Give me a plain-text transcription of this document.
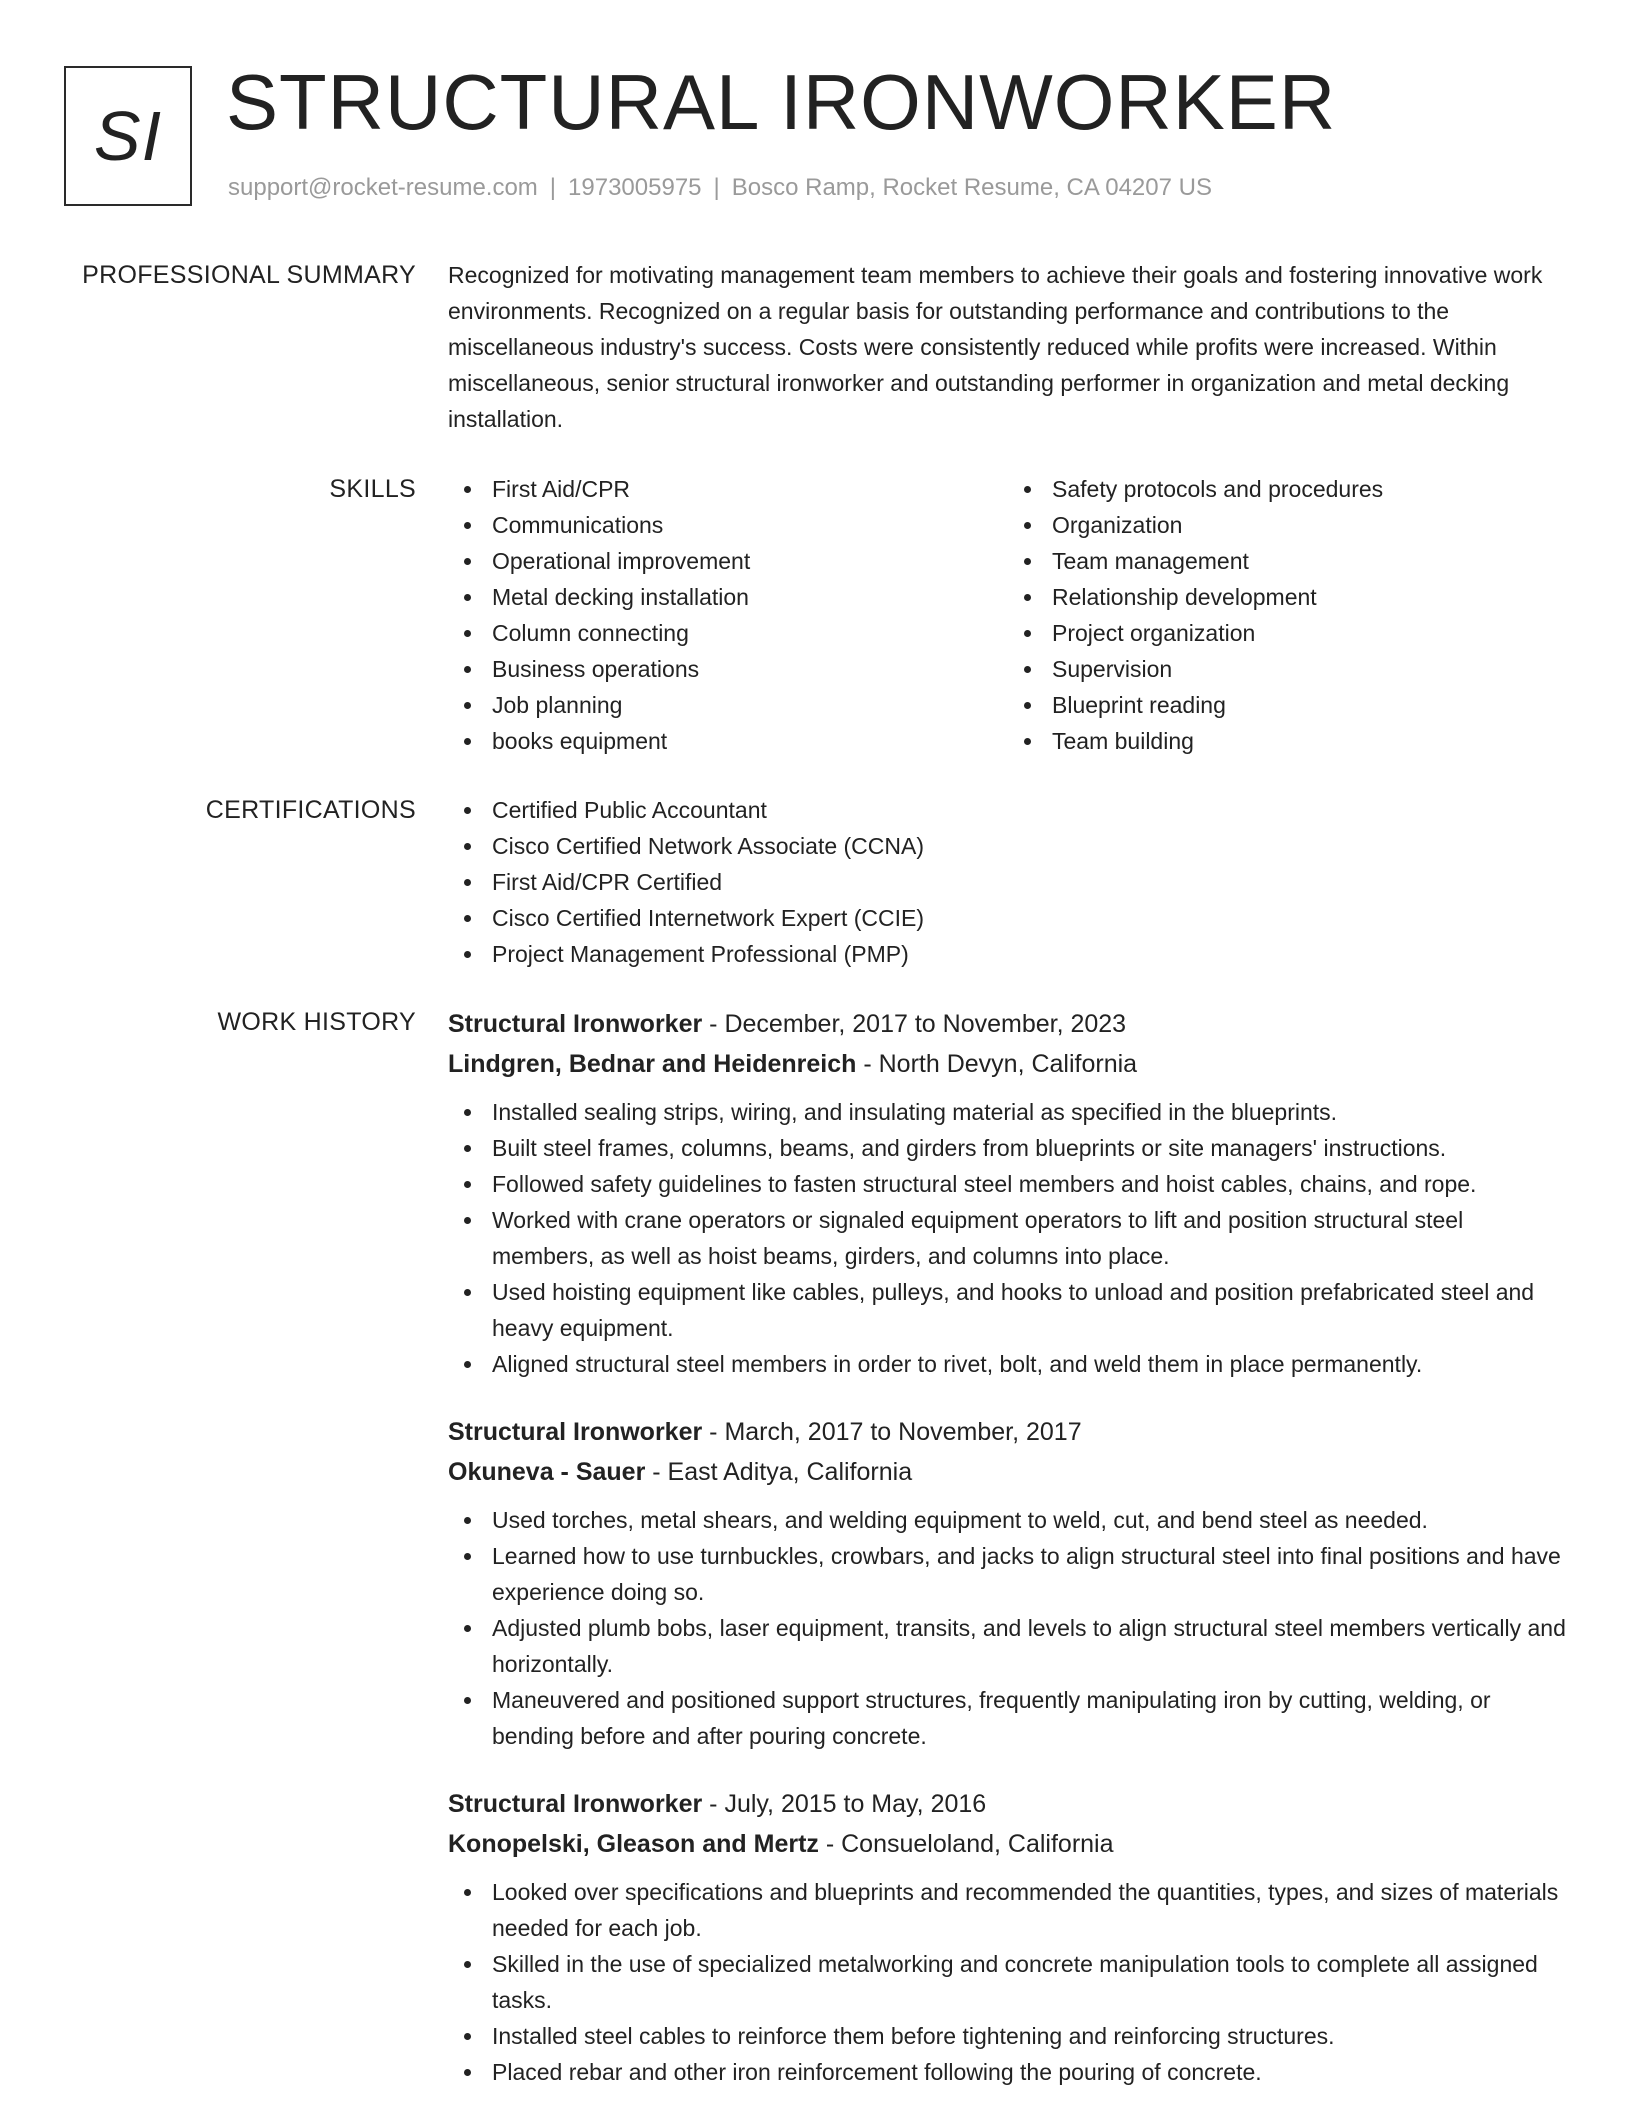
SI STRUCTURAL IRONWORKER
support@rocket-resume.com | 1973005975 | Bosco Ramp, Rocket Resume, CA 04207 US
PROFESSIONAL SUMMARY Recognized for motivating management team members to achieve their goals and fostering innovative work environments. Recognized on a regular basis for outstanding performance and contributions to the miscellaneous industry's success. Costs were consistently reduced while profits were increased. Within miscellaneous, senior structural ironworker and outstanding performer in organization and metal decking installation.

SKILLS	First Aid/CPR
Communications
Operational improvement
Metal decking installation
Column connecting
Business operations
Job planning
books equipment
Safety protocols and procedures
Organization
Team management
Relationship development
Project organization
Supervision
Blueprint reading
Team building
CERTIFICATIONS	Certified Public Accountant
Cisco Certified Network Associate (CCNA)
First Aid/CPR Certified
Cisco Certified Internetwork Expert (CCIE)
Project Management Professional (PMP)
WORK HISTORY Structural Ironworker - December, 2017 to November, 2023
Lindgren, Bednar and Heidenreich - North Devyn, California
Installed sealing strips, wiring, and insulating material as specified in the blueprints.
Built steel frames, columns, beams, and girders from blueprints or site managers' instructions.
Followed safety guidelines to fasten structural steel members and hoist cables, chains, and rope.
Worked with crane operators or signaled equipment operators to lift and position structural steel members, as well as hoist beams, girders, and columns into place.
Used hoisting equipment like cables, pulleys, and hooks to unload and position prefabricated steel and heavy equipment.
Aligned structural steel members in order to rivet, bolt, and weld them in place permanently.
Structural Ironworker - March, 2017 to November, 2017
Okuneva - Sauer - East Aditya, California
Used torches, metal shears, and welding equipment to weld, cut, and bend steel as needed.
Learned how to use turnbuckles, crowbars, and jacks to align structural steel into final positions and have experience doing so.
Adjusted plumb bobs, laser equipment, transits, and levels to align structural steel members vertically and horizontally.
Maneuvered and positioned support structures, frequently manipulating iron by cutting, welding, or bending before and after pouring concrete.
Structural Ironworker - July, 2015 to May, 2016
Konopelski, Gleason and Mertz - Consueloland, California
Looked over specifications and blueprints and recommended the quantities, types, and sizes of materials needed for each job.
Skilled in the use of specialized metalworking and concrete manipulation tools to complete all assigned tasks.
Installed steel cables to reinforce them before tightening and reinforcing structures.
Placed rebar and other iron reinforcement following the pouring of concrete.
